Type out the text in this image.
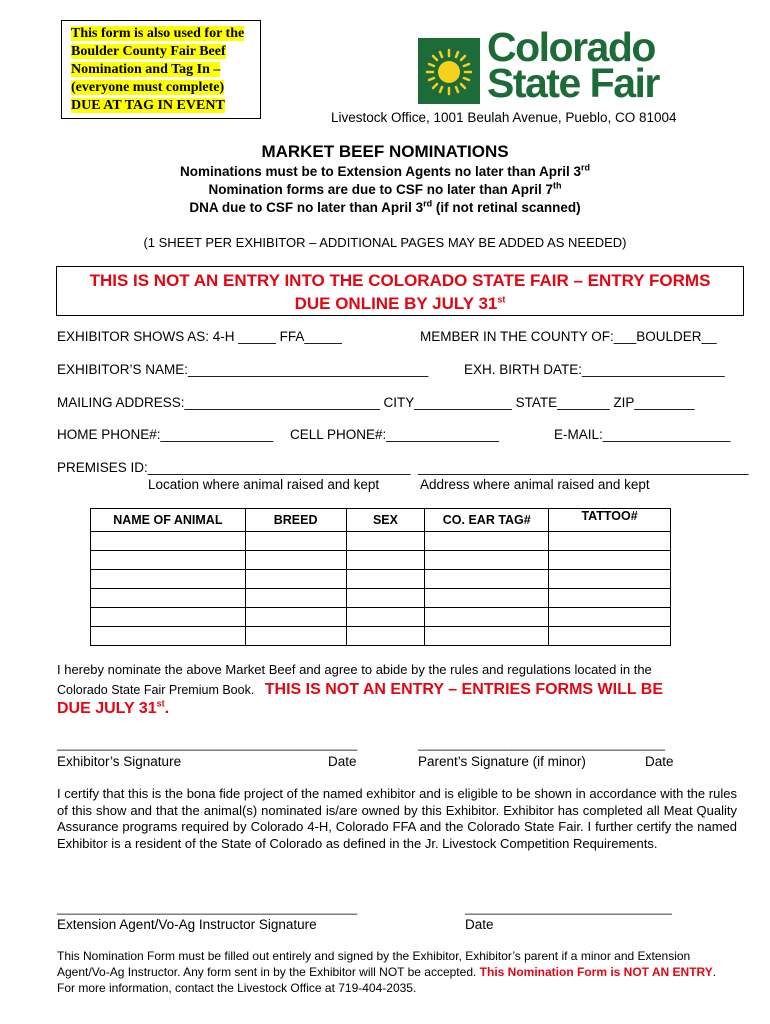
This form is also used for the
Boulder County Fair Beef
Nomination and Tag In –
(everyone must complete)
DUE AT TAG IN EVENT
Colorado
State Fair
Livestock Office, 1001 Beulah Avenue, Pueblo, CO 81004
MARKET BEEF NOMINATIONS
Nominations must be to Extension Agents no later than April 3rd
Nomination forms are due to CSF no later than April 7th
DNA due to CSF no later than April 3rd (if not retinal scanned)
(1 SHEET PER EXHIBITOR – ADDITIONAL PAGES MAY BE ADDED AS NEEDED)
THIS IS NOT AN ENTRY INTO THE COLORADO STATE FAIR – ENTRY FORMS
DUE ONLINE BY JULY 31st
EXHIBITOR SHOWS AS: 4-H _____ FFA_____	MEMBER IN THE COUNTY OF:___BOULDER__
EXHIBITOR’S NAME:________________________________	EXH. BIRTH DATE:___________________
MAILING ADDRESS:__________________________ CITY_____________ STATE_______ ZIP________
HOME PHONE#:_______________ CELL PHONE#:_______________	E-MAIL:_________________
PREMISES ID:___________________________________ ____________________________________________
Location where animal raised and kept	Address where animal raised and kept
NAME OF ANIMAL	BREED	SEX	CO. EAR TAG#	TATTOO#

I hereby nominate the above Market Beef and agree to abide by the rules and regulations located in the
Colorado State Fair Premium Book. THIS IS NOT AN ENTRY – ENTRIES FORMS WILL BE
DUE JULY 31st.
_____________________________________________	_____________________________________
Exhibitor’s Signature	Date	Parent’s Signature (if minor)	Date
I certify that this is the bona fide project of the named exhibitor and is eligible to be shown in accordance with the rules of this show and that the animal(s) nominated is/are owned by this Exhibitor. Exhibitor has completed all Meat Quality Assurance programs required by Colorado 4-H, Colorado FFA and the Colorado State Fair. I further certify the named Exhibitor is a resident of the State of Colorado as defined in the Jr. Livestock Competition Requirements.
_____________________________________________	_______________________________
Extension Agent/Vo-Ag Instructor Signature	Date
This Nomination Form must be filled out entirely and signed by the Exhibitor, Exhibitor’s parent if a minor and Extension Agent/Vo-Ag Instructor. Any form sent in by the Exhibitor will NOT be accepted. This Nomination Form is NOT AN ENTRY. For more information, contact the Livestock Office at 719-404-2035.
